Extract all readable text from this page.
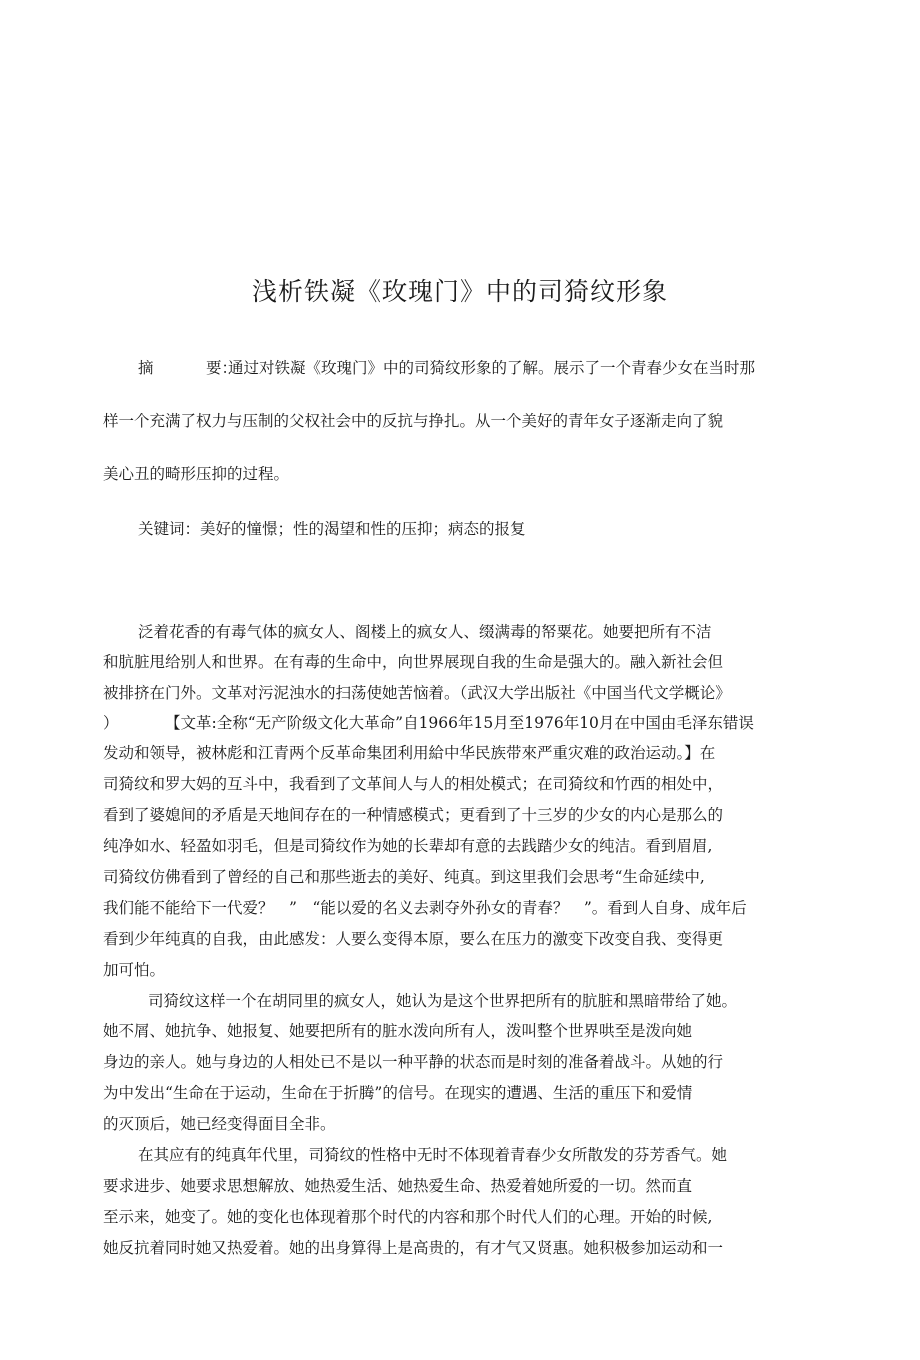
浅析铁凝《玫瑰门》中的司猗纹形象
摘	要：通过对铁凝《玫瑰门》中的司猗纹形象的了解。展示了一个青春少女在当时那
样一个充满了权力与压制的父权社会中的反抗与挣扎。从一个美好的青年女子逐渐走向了貌
美心丑的畸形压抑的过程。
关键词：美好的憧憬；性的渴望和性的压抑；病态的报复
泛着花香的有毒气体的疯女人、阁楼上的疯女人、缀满毒的帑粟花。她要把所有不洁
和肮脏甩给别人和世界。在有毒的生命中，向世界展现自我的生命是强大的。融入新社会但
被排挤在门外。文革对污泥浊水的扫荡使她苦恼着。（武汉大学出版社《中国当代文学概论》
）　　　　【文革:全称“无产阶级文化大革命”自1966年15月至1976年10月在中国由毛泽东错误
发动和领导，被林彪和江青两个反革命集团利用給中华民族带來严重灾难的政治运动。】在
司猗纹和罗大妈的互斗中，我看到了文革间人与人的相处模式；在司猗纹和竹西的相处中，
看到了婆媳间的矛盾是天地间存在的一种情感模式；更看到了十三岁的少女的内心是那么的
纯净如水、轻盈如羽毛，但是司猗纹作为她的长辈却有意的去践踏少女的纯洁。看到眉眉,
司猗纹仿佛看到了曾经的自己和那些逝去的美好、纯真。到这里我们会思考“生命延续中,
我们能不能给下一代爱？　”　“能以爱的名义去剥夺外孙女的青春？　”。看到人自身、成年后
看到少年纯真的自我，由此感发：人要么变得本原，要么在压力的激变下改变自我、变得更
加可怕。
司猗纹这样一个在胡同里的疯女人，她认为是这个世界把所有的肮脏和黑暗带给了她。
她不屑、她抗争、她报复、她要把所有的脏水泼向所有人，泼叫整个世界哄至是泼向她
身边的亲人。她与身边的人相处已不是以一种平静的状态而是时刻的准备着战斗。从她的行
为中发出“生命在于运动，生命在于折腾”的信号。在现实的遭遇、生活的重压下和爱情
的灭顶后，她已经变得面目全非。
在其应有的纯真年代里，司猗纹的性格中无时不体现着青春少女所散发的芬芳香气。她
要求进步、她要求思想解放、她热爱生活、她热爱生命、热爱着她所爱的一切。然而直
至示来，她变了。她的变化也体现着那个时代的内容和那个时代人们的心理。开始的时候,
她反抗着同时她又热爱着。她的出身算得上是高贵的，有才气又贤惠。她积极参加运动和一
